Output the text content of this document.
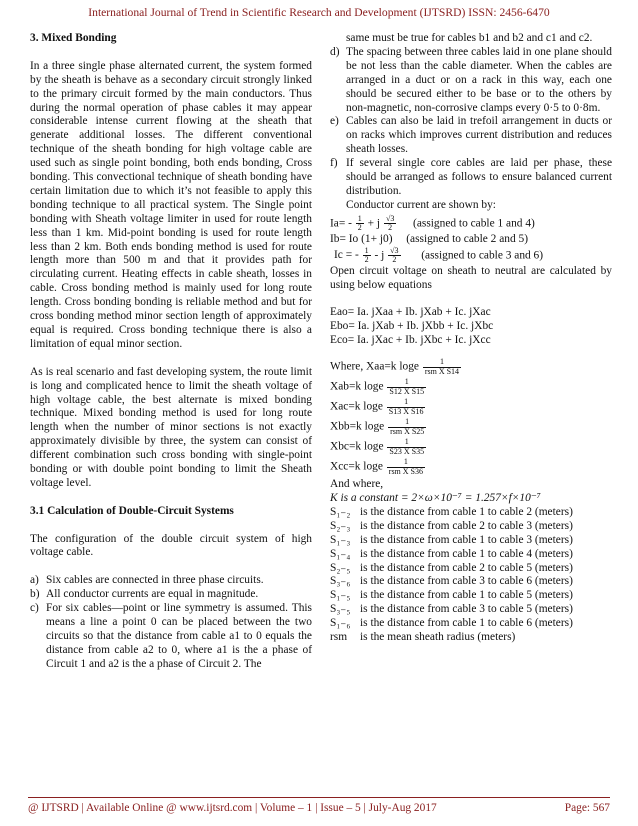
International Journal of Trend in Scientific Research and Development (IJTSRD) ISSN: 2456-6470

3. Mixed Bonding

In a three single phase alternated current, the system formed by the sheath is behave as a secondary circuit strongly linked to the primary circuit formed by the main conductors. Thus during the normal operation of phase cables it may appear considerable intense current flowing at the sheath that generate additional losses. The different conventional technique of the sheath bonding for high voltage cable are used such as single point bonding, both ends bonding, Cross bonding. This convectional technique of sheath bonding have certain limitation due to which it’s not feasible to apply this bonding technique to all practical system. The Single point bonding with Sheath voltage limiter in used for route length less than 1 km. Mid-point bonding is used for route length less than 2 km. Both ends bonding method is used for route length more than 500 m and that it provides path for circulating current. Heating effects in cable sheath, losses in cable. Cross bonding method is mainly used for long route length. Cross bonding bonding is reliable method and but for cross bonding method minor section length of approximately equal is required. Cross bonding technique there is also a limitation of equal minor section.

As is real scenario and fast developing system, the route limit is long and complicated hence to limit the sheath voltage of high voltage cable, the best alternate is mixed bonding technique. Mixed bonding method is used for long route length when the number of minor sections is not exactly approximately divisible by three, the system can consist of different combination such cross bonding with single-point bonding or with double point bonding to limit the Sheath voltage level.

3.1 Calculation of Double-Circuit Systems

The configuration of the double circuit system of high voltage cable.

a) Six cables are connected in three phase circuits.
b) All conductor currents are equal in magnitude.
c) For six cables—point or line symmetry is assumed. This means a line a point 0 can be placed between the two circuits so that the distance from cable a1 to 0 equals the distance from cable a2 to 0, where a1 is the a phase of Circuit 1 and a2 is the a phase of Circuit 2. The

same must be true for cables b1 and b2 and c1 and c2.

d) The spacing between three cables laid in one plane should be not less than the cable diameter. When the cables are arranged in a duct or on a rack in this way, each one should be secured either to be base or to the others by non-magnetic, non-corrosive clamps every 0·5 to 0·8m.
e) Cables can also be laid in trefoil arrangement in ducts or on racks which improves current distribution and reduces sheath losses.
f) If several single core cables are laid per phase, these should be arranged as follows to ensure balanced current distribution.

Conductor current are shown by:

$Ia= - \frac{1}{2} + j \frac{√3}{2}$ (assigned to cable 1 and 4)
Ib= Io (1+ j0) (assigned to cable 2 and 5)
Ic = - $\frac{1}{2}$ - j $\frac{√3}{2}$ (assigned to cable 3 and 6)

Open circuit voltage on sheath to neutral are calculated by using below equations

Eao= Ia. jXaa + Ib. jXab + Ic. jXac
Ebo= Ia. jXab + Ib. jXbb + Ic. jXbc
Eco= Ia. jXac + Ib. jXbc + Ic. jXcc
Where, Xaa=k loge	1
rsm X S14
Xab=k loge $\frac{1}{\text{S12 X S15}}$
Xac=k loge $\frac{1}{\text{S13 X S16}}$
Xbb=k loge	1
rsm X S25
Xbc=k loge $\frac{1}{\text{S23 X S35}}$
Xcc=k loge	1
rsm X S36
And where,
K is a constant = 2×ω×10⁻⁷ = 1.257×f×10⁻⁷
S₁₋₂ is the distance from cable 1 to cable 2 (meters)
S₂₋₃ is the distance from cable 2 to cable 3 (meters)
S₁₋₃ is the distance from cable 1 to cable 3 (meters)
S₁₋₄ is the distance from cable 1 to cable 4 (meters)
S₂₋₅ is the distance from cable 2 to cable 5 (meters)
S₃₋₆ is the distance from cable 3 to cable 6 (meters)
S₁₋₅ is the distance from cable 1 to cable 5 (meters)
S₃₋₅ is the distance from cable 3 to cable 5 (meters)
S₁₋₆ is the distance from cable 1 to cable 6 (meters)
rsm is the mean sheath radius (meters)
@ IJTSRD | Available Online @ www.ijtsrd.com | Volume – 1 | Issue – 5 | July-Aug 2017	Page: 567
